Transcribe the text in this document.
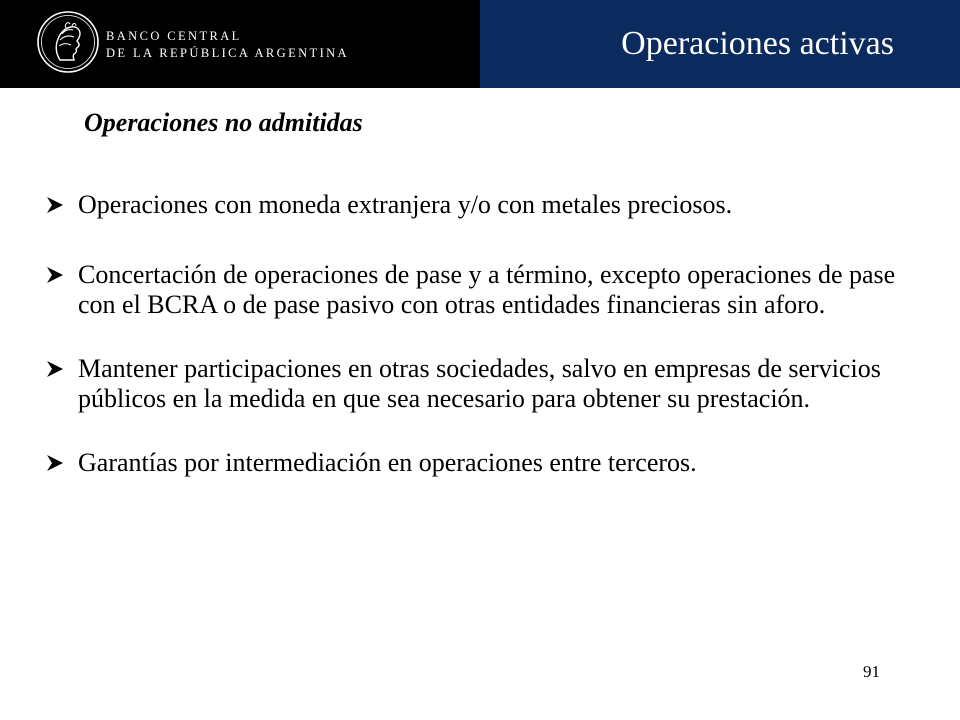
BANCO CENTRAL
DE LA REPÚBLICA ARGENTINA	Operaciones activas
Operaciones no admitidas
Operaciones con moneda extranjera y/o con metales preciosos.
Concertación de operaciones de pase y a término, excepto operaciones de pase con el BCRA o de pase pasivo con otras entidades financieras sin aforo.
Mantener participaciones en otras sociedades, salvo en empresas de servicios públicos en la medida en que sea necesario para obtener su prestación.
Garantías por intermediación en operaciones entre terceros.
91
